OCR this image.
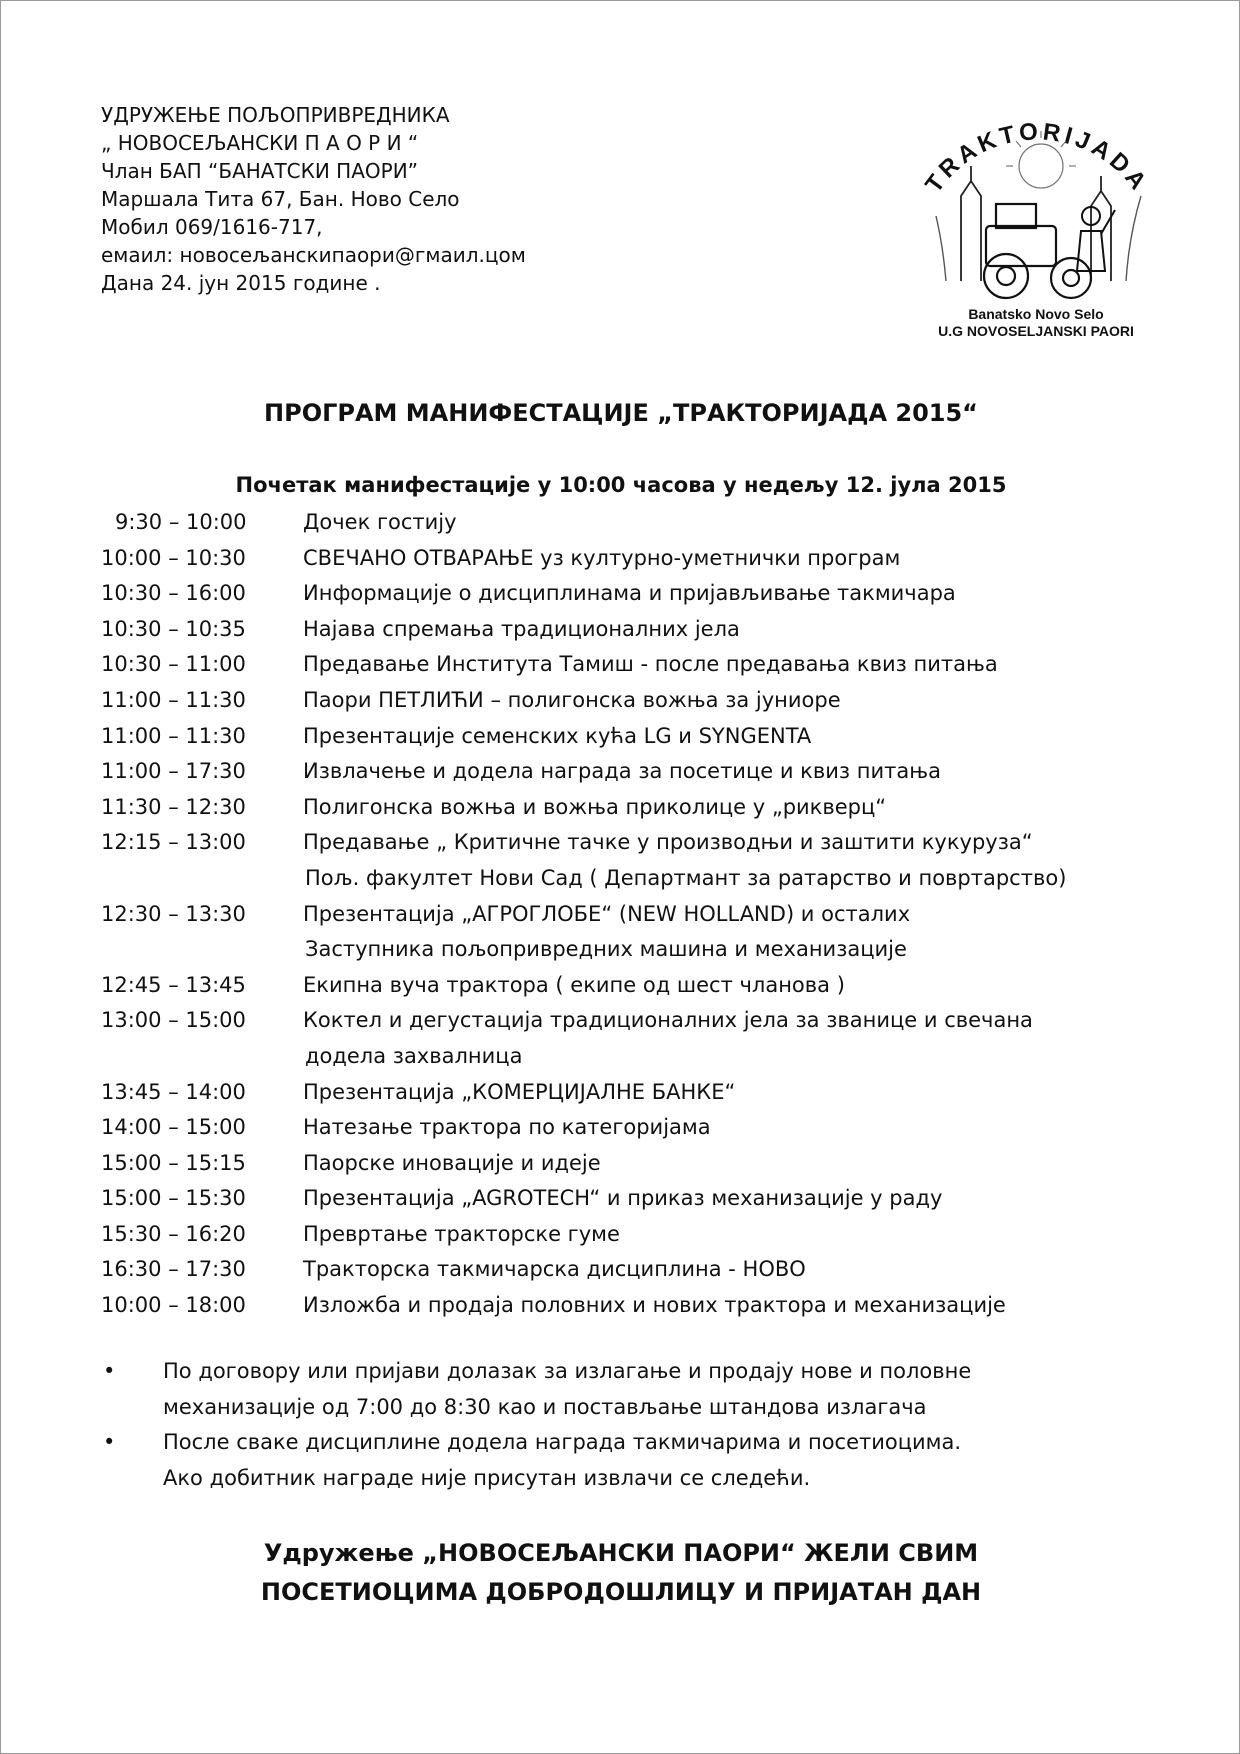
УДРУЖЕЊЕ ПОЉОПРИВРЕДНИКА
„ НОВОСЕЉАНСКИ П А О Р И “
Члан БАП “БАНАТСКИ ПАОРИ”
Маршала Тита 67, Бан. Ново Село
Мобил 069/1616-717,
емаил: новосељанскипаори@гмаил.цом
Дана 24. јун 2015 године .
TRAKTORIJADA
Banatsko Novo Selo
U.G NOVOSELJANSKI PAORI
ПРОГРАМ МАНИФЕСТАЦИЈЕ „ТРАКТОРИЈАДА 2015“
Почетак манифестације у 10:00 часова у недељу 12. јула 2015
9:30 – 10:00	Дочек гостију
10:00 – 10:30	СВЕЧАНО ОТВАРАЊЕ уз културно-уметнички програм
10:30 – 16:00	Информације о дисциплинама и пријављивање такмичара
10:30 – 10:35	Најава спремања традиционалних јела
10:30 – 11:00	Предавање Института Тамиш - после предавања квиз питања
11:00 – 11:30	Паори ПЕТЛИЋИ – полигонска вожња за јуниоре
11:00 – 11:30	Презентације семенских кућа LG и SYNGENTA
11:00 – 17:30	Извлачење и додела награда за посетице и квиз питања
11:30 – 12:30	Полигонска вожња и вожња приколице у „рикверц“
12:15 – 13:00	Предавање „ Критичне тачке у производњи и заштити кукуруза“
Пољ. факултет Нови Сад ( Департмант за ратарство и повртарство)
12:30 – 13:30	Презентација „АГРОГЛОБЕ“ (NEW HOLLAND) и осталих
Заступника пољопривредних машина и механизације
12:45 – 13:45	Екипна вуча трактора ( екипе од шест чланова )
13:00 – 15:00	Коктел и дегустација традиционалних јела за званице и свечана
додела захвалница
13:45 – 14:00	Презентација „КОМЕРЦИЈАЛНЕ БАНКЕ“
14:00 – 15:00	Натезање трактора по категоријама
15:00 – 15:15	Паорске иновације и идеје
15:00 – 15:30	Презентација „AGROTECH“ и приказ механизације у раду
15:30 – 16:20	Превртање тракторске гуме
16:30 – 17:30	Тракторска такмичарска дисциплина - НОВО
10:00 – 18:00	Изложба и продаја половних и нових трактора и механизације
• По договору или пријави долазак за излагање и продају нове и половне
механизације од 7:00 до 8:30 као и постављање штандова излагача
• После сваке дисциплине додела награда такмичарима и посетиоцима.
Ако добитник награде није присутан извлачи се следећи.
Удружење „НОВОСЕЉАНСКИ ПАОРИ“ ЖЕЛИ СВИМ
ПОСЕТИОЦИМА ДОБРОДОШЛИЦУ И ПРИЈАТАН ДАН
